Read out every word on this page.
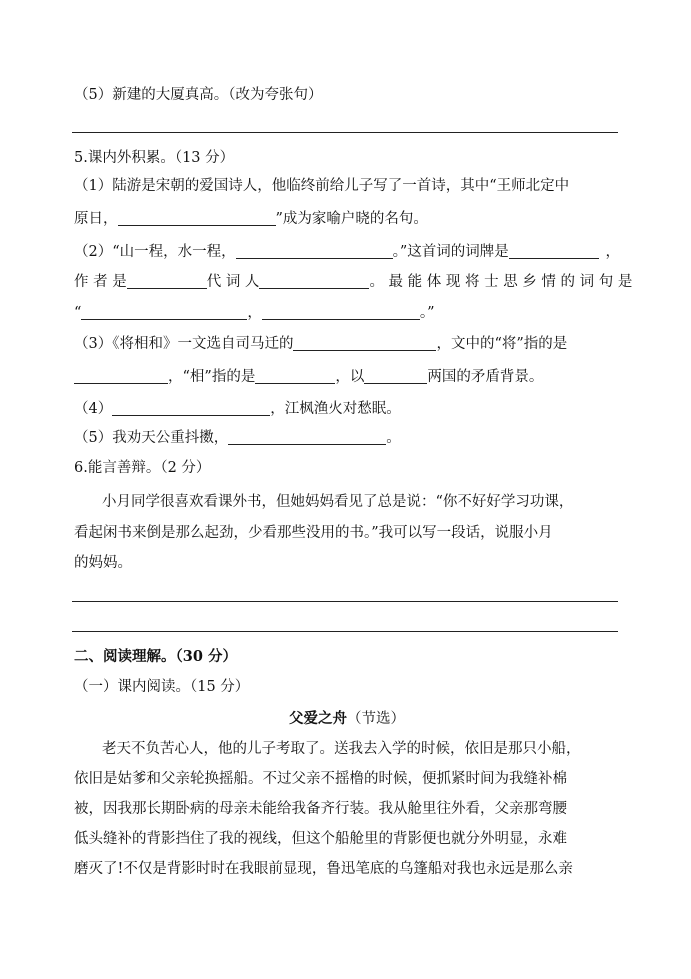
（5）新建的大厦真高。（改为夸张句）
5.课内外积累。（13 分）
（1）陆游是宋朝的爱国诗人，他临终前给儿子写了一首诗，其中“王师北定中
原日，	”成为家喻户晓的名句。
（2）“山一程，水一程，	。”这首词的词牌是	，
作 者 是	代 词 人	。 最 能 体 现 将 士 思 乡 情 的 词 句 是
“	，	。”
（3）《将相和》一文选自司马迁的	，文中的“将”指的是
，“相”指的是	，以	两国的矛盾背景。
（4）	，江枫渔火对愁眠。
（5）我劝天公重抖擞，	。
6.能言善辩。（2 分）
小月同学很喜欢看课外书，但她妈妈看见了总是说：“你不好好学习功课，
看起闲书来倒是那么起劲，少看那些没用的书。”我可以写一段话，说服小月
的妈妈。
二、阅读理解。（30 分）
（一）课内阅读。（15 分）
父爱之舟（节选）
老天不负苦心人，他的儿子考取了。送我去入学的时候，依旧是那只小船，
依旧是姑爹和父亲轮换摇船。不过父亲不摇橹的时候，便抓紧时间为我缝补棉
被，因我那长期卧病的母亲未能给我备齐行装。我从舱里往外看，父亲那弯腰
低头缝补的背影挡住了我的视线，但这个船舱里的背影便也就分外明显，永难
磨灭了!不仅是背影时时在我眼前显现，鲁迅笔底的乌篷船对我也永远是那么亲
